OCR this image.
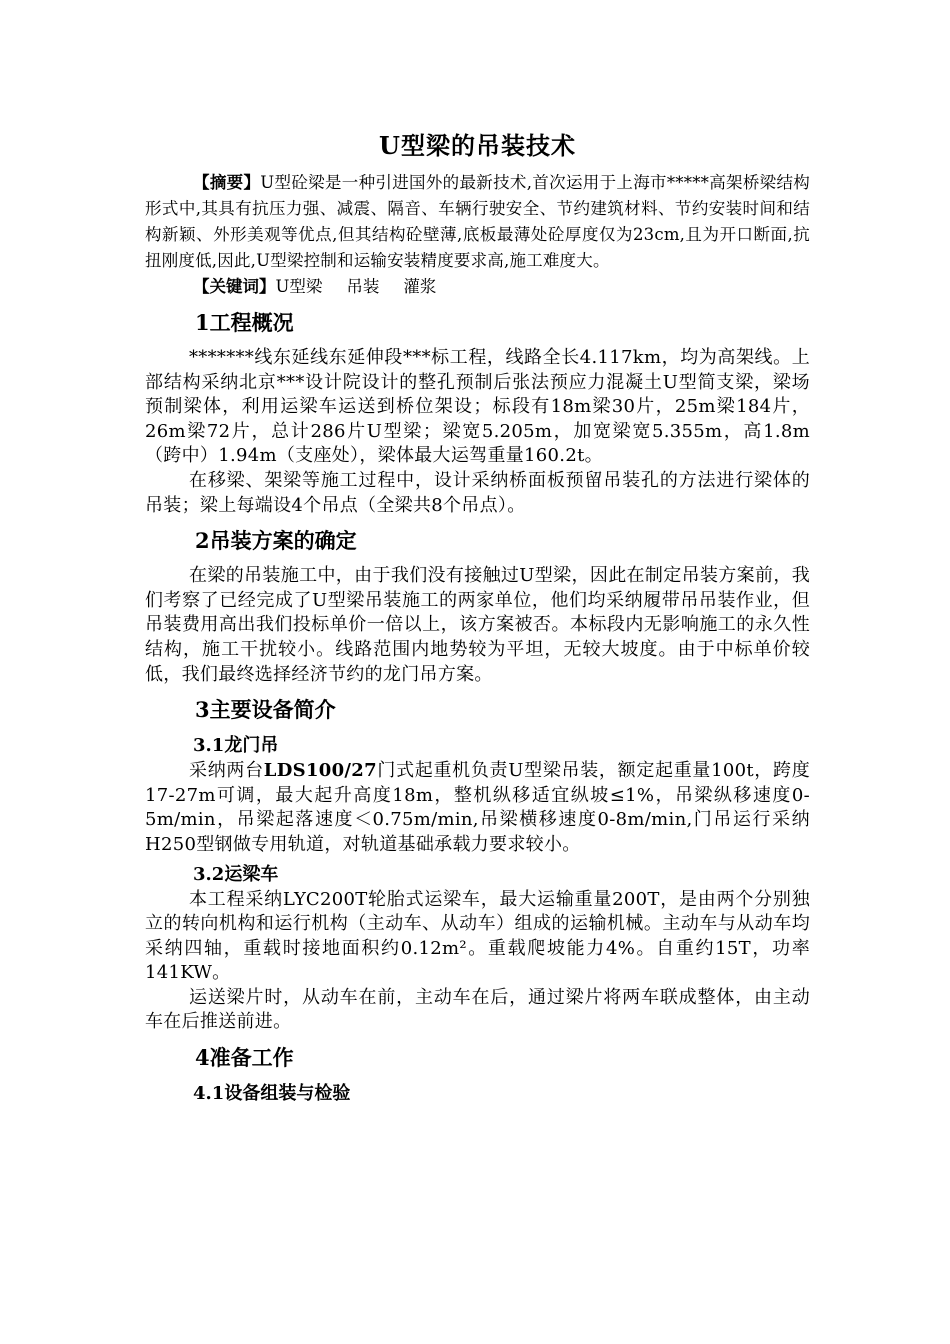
U型梁的吊装技术

【摘要】U型砼梁是一种引进国外的最新技术,首次运用于上海市*****高架桥梁结构形式中,其具有抗压力强、减震、隔音、车辆行驶安全、节约建筑材料、节约安装时间和结构新颖、外形美观等优点,但其结构砼壁薄,底板最薄处砼厚度仅为23cm,且为开口断面,抗扭刚度低,因此,U型梁控制和运输安装精度要求高,施工难度大。

【关键词】U型梁 吊装 灌浆

1工程概况

*******线东延线东延伸段***标工程，线路全长4.117km，均为高架线。上部结构采纳北京***设计院设计的整孔预制后张法预应力混凝土U型简支梁，梁场预制梁体，利用运梁车运送到桥位架设；标段有18m梁30片，25m梁184片，26m梁72片，总计286片U型梁；梁宽5.205m，加宽梁宽5.355m，高1.8m（跨中）1.94m（支座处），梁体最大运驾重量160.2t。

在移梁、架梁等施工过程中，设计采纳桥面板预留吊装孔的方法进行梁体的吊装；梁上每端设4个吊点（全梁共8个吊点）。

2吊装方案的确定

在梁的吊装施工中，由于我们没有接触过U型梁，因此在制定吊装方案前，我们考察了已经完成了U型梁吊装施工的两家单位，他们均采纳履带吊吊装作业，但吊装费用高出我们投标单价一倍以上，该方案被否。本标段内无影响施工的永久性结构，施工干扰较小。线路范围内地势较为平坦，无较大坡度。由于中标单价较低，我们最终选择经济节约的龙门吊方案。

3主要设备简介
3.1龙门吊

采纳两台LDS100/27门式起重机负责U型梁吊装，额定起重量100t，跨度17-27m可调，最大起升高度18m，整机纵移适宜纵坡≤1%，吊梁纵移速度0-5m/min，吊梁起落速度＜0.75m/min,吊梁横移速度0-8m/min,门吊运行采纳H250型钢做专用轨道，对轨道基础承载力要求较小。

3.2运梁车

本工程采纳LYC200T轮胎式运梁车，最大运输重量200T，是由两个分别独立的转向机构和运行机构（主动车、从动车）组成的运输机械。主动车与从动车均采纳四轴，重载时接地面积约0.12m²。重载爬坡能力4%。自重约15T，功率141KW。

运送梁片时，从动车在前，主动车在后，通过梁片将两车联成整体，由主动车在后推送前进。

4准备工作
4.1设备组装与检验
